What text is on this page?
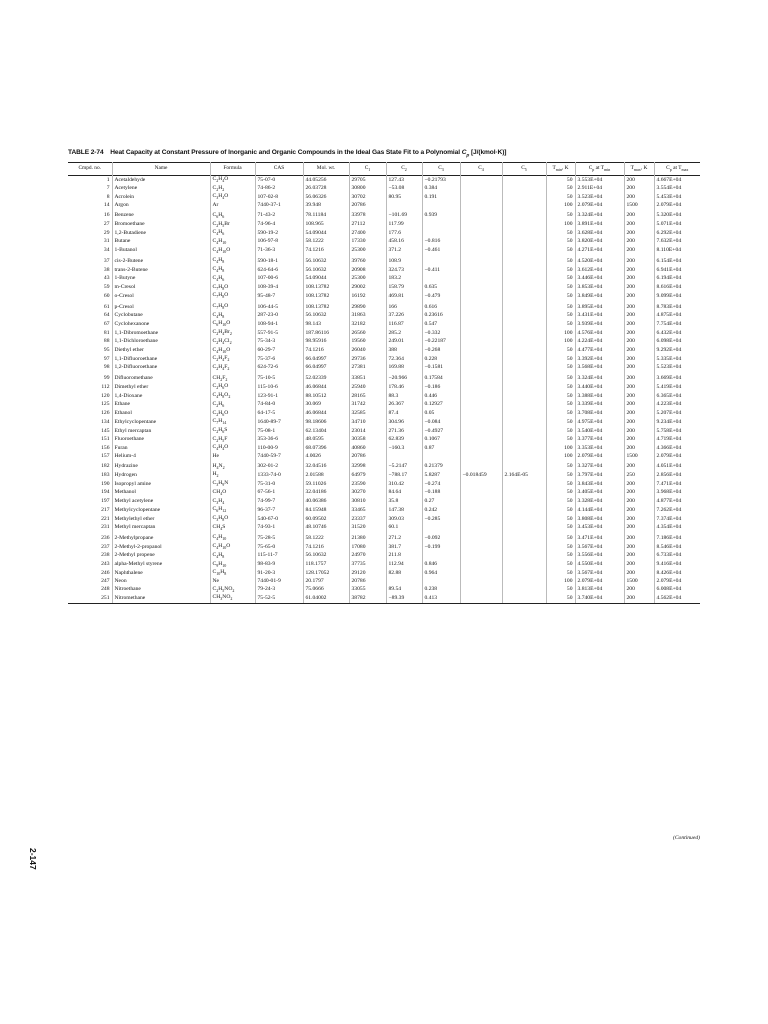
TABLE 2-74 Heat Capacity at Constant Pressure of Inorganic and Organic Compounds in the Ideal Gas State Fit to a Polynomial $C_p$ [J/(kmol·K)]
Cmpd. no.	Name	Formula	CAS	Mol. wt.	$C_1$	$C_2$	$C_3$	$C_4$	$C_5$	$T_{min}$, K	$C_p$ at $T_{min}$	$T_{max}$, K	$C_p$ at $T_{max}$
1	Acetaldehyde	$C_2H_4O$	75-07-0	44.05256	29705	127.43	−0.21793			50	3.553E+04	200	4.667E+04
7	Acetylene	$C_2H_2$	74-86-2	26.03728	30800	−53.08	0.384			50	2.911E+04	200	3.554E+04
8	Acrolein	$C_3H_4O$	107-02-8	56.06326	30702	80.95	0.191			50	3.523E+04	200	5.453E+04
14	Argon	Ar	7440-37-1	39.948	20786					100	2.079E+04	1500	2.079E+04
16	Benzene	$C_6H_6$	71-43-2	78.11184	33978	−101.69	0.939			50	3.324E+04	200	5.320E+04
27	Bromoethane	$C_2H_5Br$	74-96-4	108.965	27112	117.99				100	3.891E+04	200	5.071E+04
29	1,2-Butadiene	$C_4H_6$	590-19-2	54.09044	27400	177.6				50	3.628E+04	200	6.292E+04
31	Butane	$C_4H_{10}$	106-97-8	58.1222	17330	458.16	−0.816			50	3.820E+04	200	7.632E+04
34	1-Butanol	$C_4H_{10}O$	71-36-3	74.1216	25300	371.2	−0.461			50	4.271E+04	200	8.110E+04
37	cis-2-Butene	$C_4H_8$	590-18-1	56.10632	39760	108.9				50	4.520E+04	200	6.154E+04
38	trans-2-Butene	$C_4H_8$	624-64-6	56.10632	20908	324.73	−0.411			50	3.612E+04	200	6.941E+04
43	1-Butyne	$C_4H_6$	107-00-6	54.09044	25300	183.2				50	3.446E+04	200	6.194E+04
59	m-Cresol	$C_7H_8O$	108-39-4	108.13782	29002	158.79	0.635			50	3.853E+04	200	8.616E+04
60	o-Cresol	$C_7H_8O$	95-48-7	108.13782	16192	469.81	−0.479			50	3.849E+04	200	9.099E+04
61	p-Cresol	$C_7H_8O$	106-44-5	108.13782	29890	166	0.616			50	3.895E+04	200	8.783E+04
64	Cyclobutane	$C_4H_8$	287-23-0	56.10632	31863	37.226	0.23616			50	3.431E+04	200	4.875E+04
67	Cyclohexanone	$C_6H_{10}O$	108-94-1	98.143	32182	116.87	0.547			50	3.939E+04	200	7.754E+04
81	1,1-Dibromoethane	$C_2H_4Br_2$	557-91-5	187.86116	26560	285.2	−0.332			100	4.576E+04	200	6.432E+04
88	1,1-Dichloroethane	$C_2H_4Cl_2$	75-34-3	98.95916	19560	249.01	−0.22187			100	4.224E+04	200	6.098E+04
95	Diethyl ether	$C_4H_{10}O$	60-29-7	74.1216	26040	388	−0.268			50	4.477E+04	200	9.292E+04
97	1,1-Difluoroethane	$C_2H_4F_2$	75-37-6	66.04997	29736	72.364	0.228			50	3.392E+04	200	5.335E+04
98	1,2-Difluoroethane	$C_2H_4F_2$	624-72-6	66.04997	27381	169.88	−0.1581			50	3.568E+04	200	5.523E+04
99	Difluoromethane	$CH_2F_2$	75-10-5	52.02339	33851	−20.966	0.17584			50	3.324E+04	200	3.669E+04
112	Dimethyl ether	$C_2H_6O$	115-10-6	46.06844	25940	178.46	−0.186			50	3.440E+04	200	5.419E+04
120	1,4-Dioxane	$C_4H_8O_2$	123-91-1	88.10512	28165	88.3	0.446			50	3.388E+04	200	6.365E+04
125	Ethane	$C_2H_6$	74-84-0	30.069	31742	26.367	0.12927			50	3.339E+04	200	4.223E+04
126	Ethanol	$C_2H_6O$	64-17-5	46.06844	32585	87.4	0.05			50	3.708E+04	200	5.207E+04
134	Ethylcyclopentane	$C_7H_{14}$	1640-89-7	98.18606	34710	304.96	−0.084			50	4.975E+04	200	9.234E+04
145	Ethyl mercaptan	$C_2H_6S$	75-08-1	62.13404	23014	271.36	−0.4927			50	3.540E+04	200	5.758E+04
151	Fluoroethane	$C_2H_5F$	353-36-6	48.0595	30358	62.839	0.1067			50	3.377E+04	200	4.719E+04
156	Furan	$C_4H_4O$	110-00-9	68.07396	40860	−160.3	0.87			100	3.353E+04	200	4.366E+04
157	Helium-4	He	7440-59-7	4.0026	20786					100	2.079E+04	1500	2.079E+04
182	Hydrazine	$H_4N_2$	302-01-2	32.04516	32998	−5.2147	0.21379			50	3.327E+04	200	4.051E+04
183	Hydrogen	$H_2$	1333-74-0	2.01588	64979	−788.17	5.8287	−0.018459	2.164E-05	50	3.797E+04	250	2.856E+04
190	Isopropyl amine	$C_3H_9N$	75-31-0	59.11026	23590	310.42	−0.274			50	3.843E+04	200	7.471E+04
194	Methanol	$CH_4O$	67-56-1	32.04186	30270	84.64	−0.188			50	3.405E+04	200	3.968E+04
197	Methyl acetylene	$C_3H_4$	74-99-7	40.06386	30810	35.8	0.27			50	3.328E+04	200	4.877E+04
217	Methylcyclopentane	$C_6H_{12}$	96-37-7	84.15948	33465	147.38	0.242			50	4.144E+04	200	7.262E+04
221	Methylethyl ether	$C_3H_8O$	540-67-0	60.09502	23337	309.03	−0.285			50	3.808E+04	200	7.374E+04
231	Methyl mercaptan	$CH_4S$	74-93-1	48.10746	31520	60.1				50	3.453E+04	200	4.354E+04
236	2-Methylpropane	$C_4H_{10}$	75-28-5	58.1222	21380	271.2	−0.092			50	3.471E+04	200	7.186E+04
237	2-Methyl-2-propanol	$C_4H_{10}O$	75-65-0	74.1216	17080	381.7	−0.199			50	3.567E+04	200	8.546E+04
238	2-Methyl propene	$C_4H_8$	115-11-7	56.10632	24970	211.8				50	3.556E+04	200	6.733E+04
243	alpha-Methyl styrene	$C_9H_{10}$	98-83-9	118.1757	37735	112.94	0.846			50	4.550E+04	200	9.416E+04
246	Naphthalene	$C_{10}H_8$	91-20-3	128.17052	29120	82.88	0.964			50	3.567E+04	200	8.426E+04
247	Neon	Ne	7440-01-9	20.1797	20786					100	2.079E+04	1500	2.079E+04
248	Nitroethane	$C_2H_5NO_2$	79-24-3	75.0666	33055	89.54	0.238			50	3.813E+04	200	6.008E+04
251	Nitromethane	$CH_3NO_2$	75-52-5	61.04002	38782	−89.39	0.413			50	3.740E+04	200	4.562E+04
(Continued)
2-147
